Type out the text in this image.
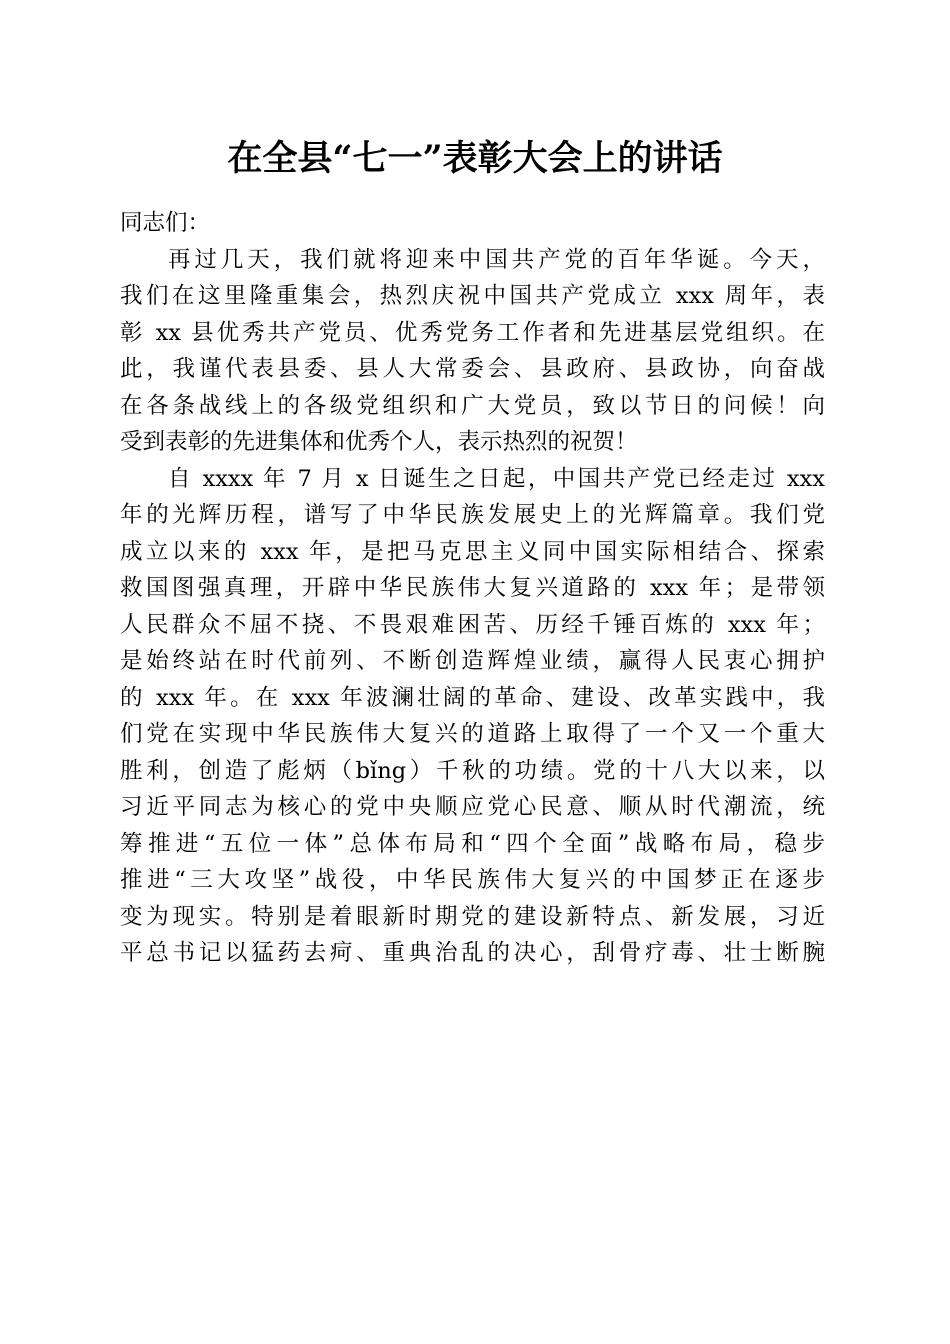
在全县“七一”表彰大会上的讲话
同志们：
再过几天，我们就将迎来中国共产党的百年华诞。今天，
我们在这里隆重集会，热烈庆祝中国共产党成立 xxx 周年，表
彰 xx 县优秀共产党员、优秀党务工作者和先进基层党组织。在
此，我谨代表县委、县人大常委会、县政府、县政协，向奋战
在各条战线上的各级党组织和广大党员，致以节日的问候！向
受到表彰的先进集体和优秀个人，表示热烈的祝贺！
自 xxxx 年 7 月 x 日诞生之日起，中国共产党已经走过 xxx
年的光辉历程，谱写了中华民族发展史上的光辉篇章。我们党
成立以来的 xxx 年，是把马克思主义同中国实际相结合、探索
救国图强真理，开辟中华民族伟大复兴道路的 xxx 年；是带领
人民群众不屈不挠、不畏艰难困苦、历经千锤百炼的 xxx 年；
是始终站在时代前列、不断创造辉煌业绩，赢得人民衷心拥护
的 xxx 年。在 xxx 年波澜壮阔的革命、建设、改革实践中，我
们党在实现中华民族伟大复兴的道路上取得了一个又一个重大
胜利，创造了彪炳（bǐng）千秋的功绩。党的十八大以来，以
习近平同志为核心的党中央顺应党心民意、顺从时代潮流，统
筹推进“五位一体”总体布局和“四个全面”战略布局，稳步
推进“三大攻坚”战役，中华民族伟大复兴的中国梦正在逐步
变为现实。特别是着眼新时期党的建设新特点、新发展，习近
平总书记以猛药去疴、重典治乱的决心，刮骨疗毒、壮士断腕
